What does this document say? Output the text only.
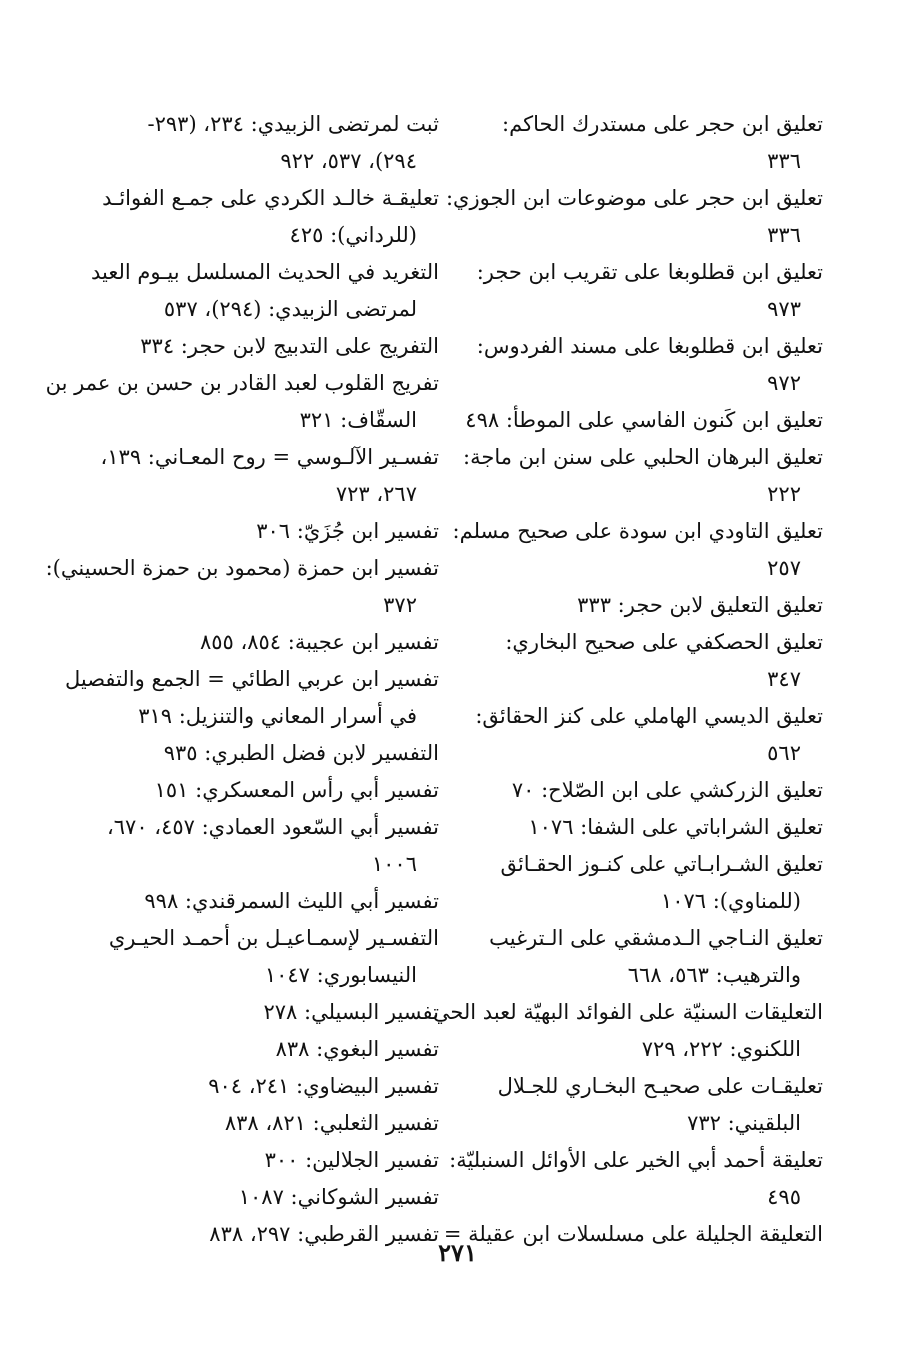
تعليق ابن حجر على مستدرك الحاكم:
٣٣٦
تعليق ابن حجر على موضوعات ابن الجوزي:
٣٣٦
تعليق ابن قطلوبغا على تقريب ابن حجر:
٩٧٣
تعليق ابن قطلوبغا على مسند الفردوس:
٩٧٢
تعليق ابن كَنون الفاسي على الموطأ: ٤٩٨
تعليق البرهان الحلبي على سنن ابن ماجة:
٢٢٢
تعليق التاودي ابن سودة على صحيح مسلم:
٢٥٧
تعليق التعليق لابن حجر: ٣٣٣
تعليق الحصكفي على صحيح البخاري:
٣٤٧
تعليق الديسي الهاملي على كنز الحقائق:
٥٦٢
تعليق الزركشي على ابن الصّلاح: ٧٠
تعليق الشراباتي على الشفا: ١٠٧٦
تعليق الشـرابـاتي على كنـوز الحقـائق
(للمناوي): ١٠٧٦
تعليق النـاجي الـدمشقي على الـترغيب
والترهيب: ٥٦٣، ٦٦٨
التعليقات السنيّة على الفوائد البهيّة لعبد الحي
اللكنوي: ٢٢٢، ٧٢٩
تعليقـات على صحيـح البخـاري للجـلال
البلقيني: ٧٣٢
تعليقة أحمد أبي الخير على الأوائل السنبليّة:
٤٩٥
التعليقة الجليلة على مسلسلات ابن عقيلة =
ثبت لمرتضى الزبيدي: ٢٣٤، (٢٩٣-
٢٩٤)، ٥٣٧، ٩٢٢
تعليقـة خالـد الكردي على جمـع الفوائـد
(للرداني): ٤٢٥
التغريد في الحديث المسلسل بيـوم العيد
لمرتضى الزبيدي: (٢٩٤)، ٥٣٧
التفريج على التدبيج لابن حجر: ٣٣٤
تفريج القلوب لعبد القادر بن حسن بن عمر بن
السقّاف: ٣٢١
تفسـير الآلـوسي = روح المعـاني: ١٣٩،
٢٦٧، ٧٢٣
تفسير ابن جُزَيّ: ٣٠٦
تفسير ابن حمزة (محمود بن حمزة الحسيني):
٣٧٢
تفسير ابن عجيبة: ٨٥٤، ٨٥٥
تفسير ابن عربي الطائي = الجمع والتفصيل
في أسرار المعاني والتنزيل: ٣١٩
التفسير لابن فضل الطبري: ٩٣٥
تفسير أبي رأس المعسكري: ١٥١
تفسير أبي السّعود العمادي: ٤٥٧، ٦٧٠،
١٠٠٦
تفسير أبي الليث السمرقندي: ٩٩٨
التفسـير لإسمـاعيـل بن أحمـد الحيـري
النيسابوري: ١٠٤٧
تفسير البسيلي: ٢٧٨
تفسير البغوي: ٨٣٨
تفسير البيضاوي: ٢٤١، ٩٠٤
تفسير الثعلبي: ٨٢١، ٨٣٨
تفسير الجلالين: ٣٠٠
تفسير الشوكاني: ١٠٨٧
تفسير القرطبي: ٢٩٧، ٨٣٨
٢٧١
